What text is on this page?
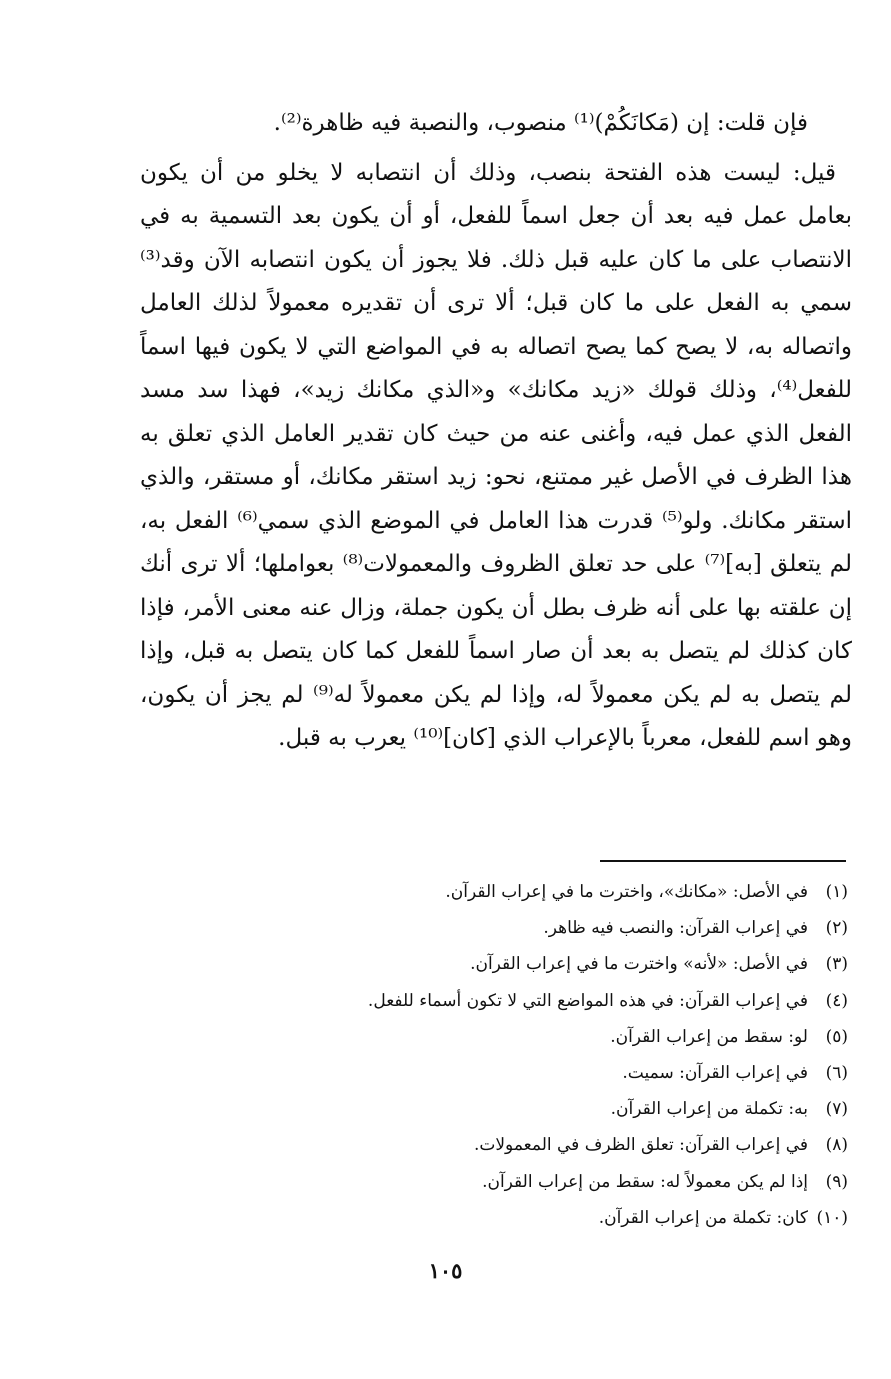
فإن قلت: إن (مَكانَكُمْ)⁽¹⁾ منصوب، والنصبة فيه ظاهرة⁽²⁾.

قيل: ليست هذه الفتحة بنصب، وذلك أن انتصابه لا يخلو من أن يكون بعامل عمل فيه بعد أن جعل اسماً للفعل، أو أن يكون بعد التسمية به في الانتصاب على ما كان عليه قبل ذلك. فلا يجوز أن يكون انتصابه الآن وقد⁽³⁾ سمي به الفعل على ما كان قبل؛ ألا ترى أن تقديره معمولاً لذلك العامل واتصاله به، لا يصح كما يصح اتصاله به في المواضع التي لا يكون فيها اسماً للفعل⁽⁴⁾، وذلك قولك «زيد مكانك» و«الذي مكانك زيد»، فهذا سد مسد الفعل الذي عمل فيه، وأغنى عنه من حيث كان تقدير العامل الذي تعلق به هذا الظرف في الأصل غير ممتنع، نحو: زيد استقر مكانك، أو مستقر، والذي استقر مكانك. ولو⁽⁵⁾ قدرت هذا العامل في الموضع الذي سمي⁽⁶⁾ الفعل به، لم يتعلق [به]⁽⁷⁾ على حد تعلق الظروف والمعمولات⁽⁸⁾ بعواملها؛ ألا ترى أنك إن علقته بها على أنه ظرف بطل أن يكون جملة، وزال عنه معنى الأمر، فإذا كان كذلك لم يتصل به بعد أن صار اسماً للفعل كما كان يتصل به قبل، وإذا لم يتصل به لم يكن معمولاً له، وإذا لم يكن معمولاً له⁽⁹⁾ لم يجز أن يكون، وهو اسم للفعل، معرباً بالإعراب الذي [كان]⁽¹⁰⁾ يعرب به قبل.

(١)
في الأصل: «مكانك»، واخترت ما في إعراب القرآن.
(٢)
في إعراب القرآن: والنصب فيه ظاهر.
(٣)
في الأصل: «لأنه» واخترت ما في إعراب القرآن.
(٤)
في إعراب القرآن: في هذه المواضع التي لا تكون أسماء للفعل.
(٥)
لو: سقط من إعراب القرآن.
(٦)
في إعراب القرآن: سميت.
(٧)
به: تكملة من إعراب القرآن.
(٨)
في إعراب القرآن: تعلق الظرف في المعمولات.
(٩)
إذا لم يكن معمولاً له: سقط من إعراب القرآن.
(١٠)
كان: تكملة من إعراب القرآن.
١٠٥
